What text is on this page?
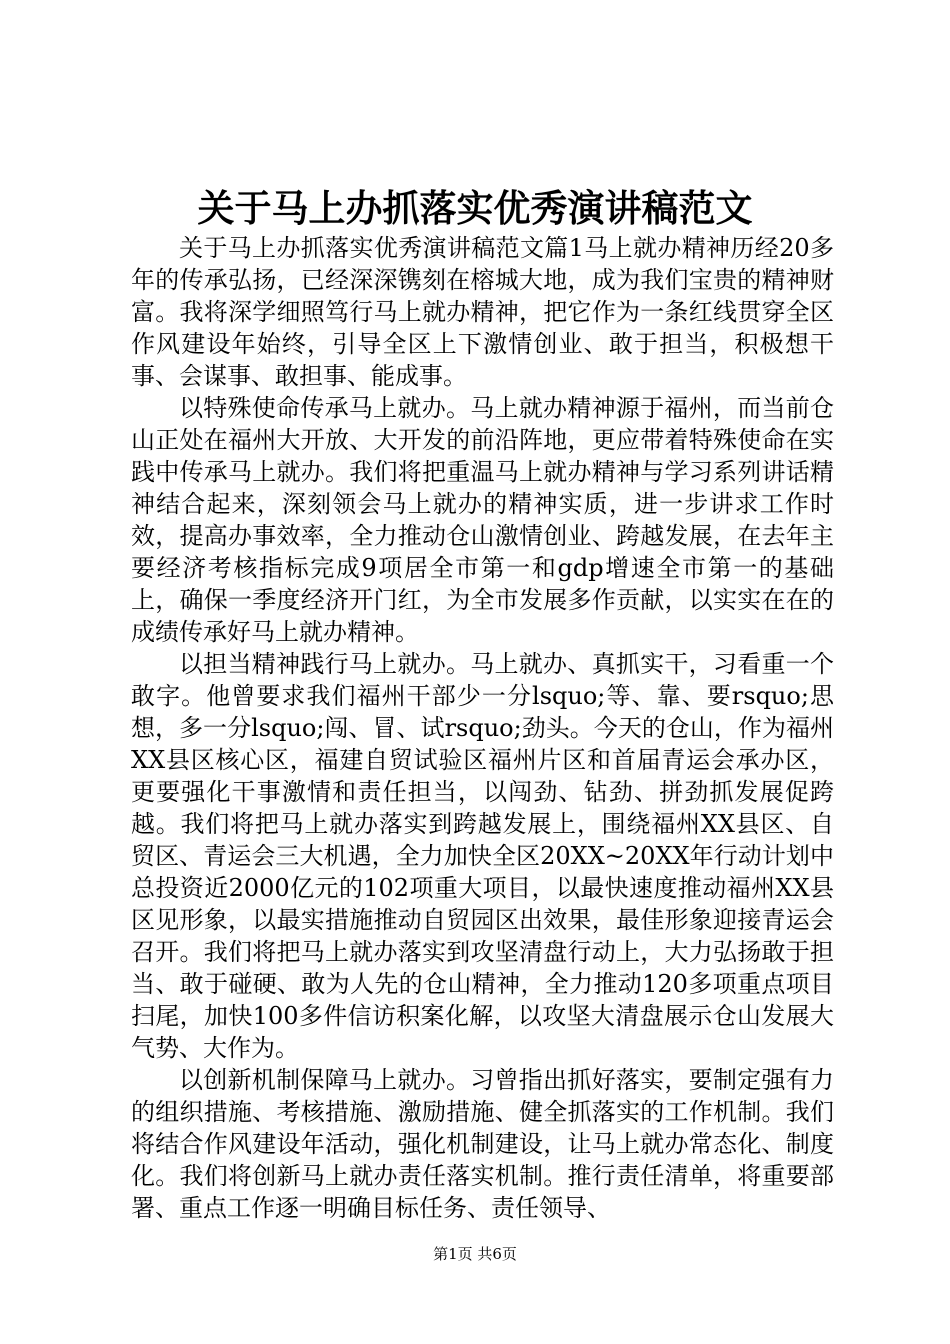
关于马上办抓落实优秀演讲稿范文

关于马上办抓落实优秀演讲稿范文篇1马上就办精神历经20多年的传承弘扬，已经深深镌刻在榕城大地，成为我们宝贵的精神财富。我将深学细照笃行马上就办精神，把它作为一条红线贯穿全区作风建设年始终，引导全区上下激情创业、敢于担当，积极想干事、会谋事、敢担事、能成事。

以特殊使命传承马上就办。马上就办精神源于福州，而当前仓山正处在福州大开放、大开发的前沿阵地，更应带着特殊使命在实践中传承马上就办。我们将把重温马上就办精神与学习系列讲话精神结合起来，深刻领会马上就办的精神实质，进一步讲求工作时效，提高办事效率，全力推动仓山激情创业、跨越发展，在去年主要经济考核指标完成9项居全市第一和gdp增速全市第一的基础上，确保一季度经济开门红，为全市发展多作贡献，以实实在在的成绩传承好马上就办精神。

以担当精神践行马上就办。马上就办、真抓实干，习看重一个敢字。他曾要求我们福州干部少一分lsquo;等、靠、要rsquo;思想，多一分lsquo;闯、冒、试rsquo;劲头。今天的仓山，作为福州XX县区核心区，福建自贸试验区福州片区和首届青运会承办区，更要强化干事激情和责任担当，以闯劲、钻劲、拼劲抓发展促跨越。我们将把马上就办落实到跨越发展上，围绕福州XX县区、自贸区、青运会三大机遇，全力加快全区20XX~20XX年行动计划中总投资近2000亿元的102项重大项目，以最快速度推动福州XX县区见形象，以最实措施推动自贸园区出效果，最佳形象迎接青运会召开。我们将把马上就办落实到攻坚清盘行动上，大力弘扬敢于担当、敢于碰硬、敢为人先的仓山精神，全力推动120多项重点项目扫尾，加快100多件信访积案化解，以攻坚大清盘展示仓山发展大气势、大作为。

以创新机制保障马上就办。习曾指出抓好落实，要制定强有力的组织措施、考核措施、激励措施、健全抓落实的工作机制。我们将结合作风建设年活动，强化机制建设，让马上就办常态化、制度化。我们将创新马上就办责任落实机制。推行责任清单，将重要部署、重点工作逐一明确目标任务、责任领导、

第1页 共6页
